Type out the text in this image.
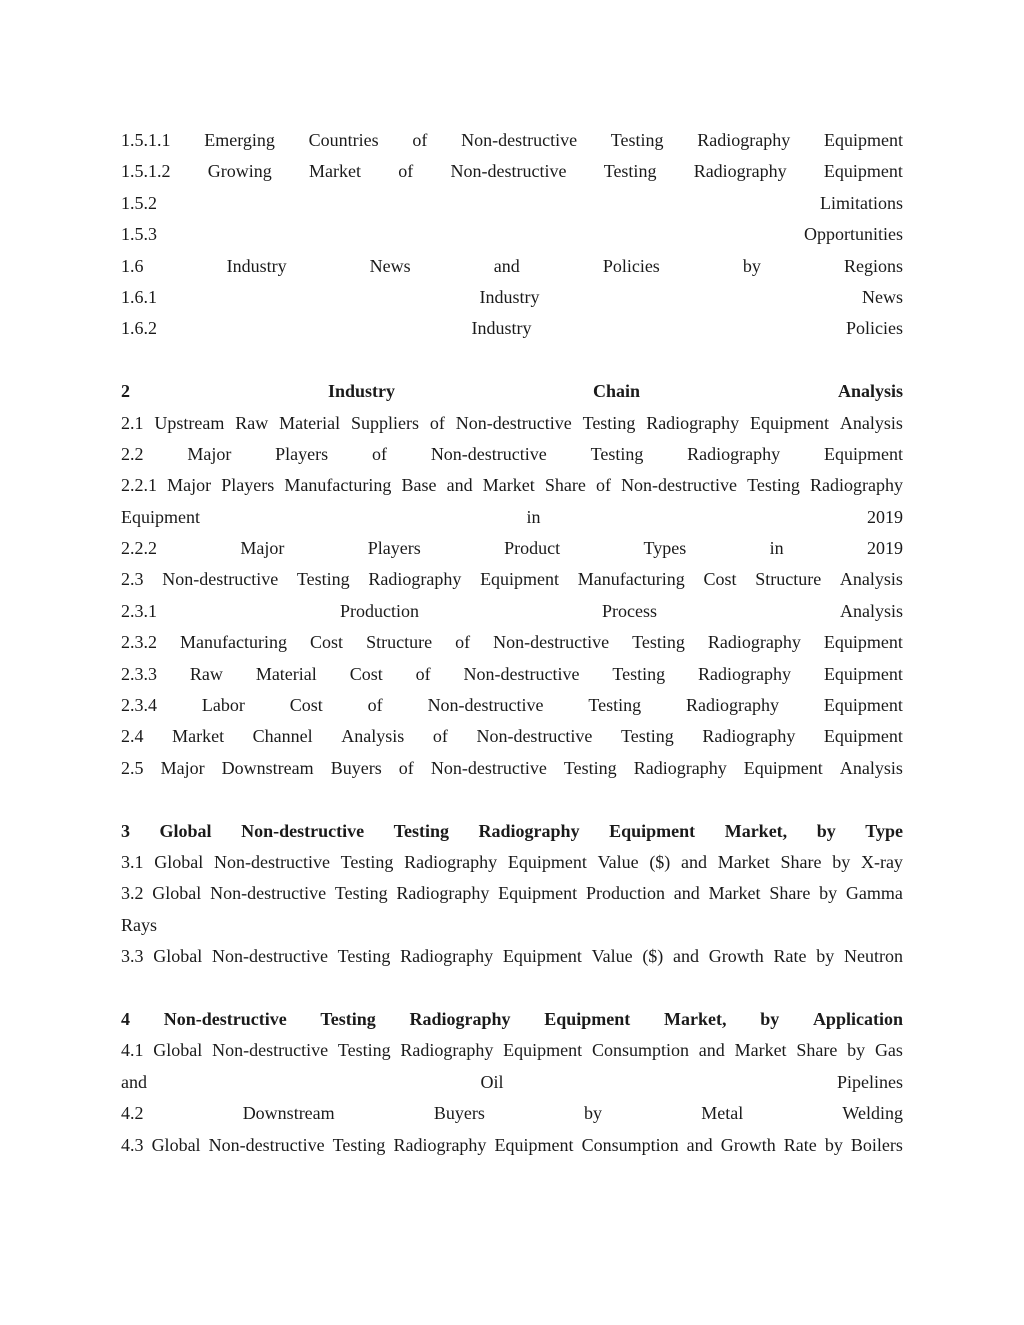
1.5.1.1 Emerging Countries of Non-destructive Testing Radiography Equipment
1.5.1.2 Growing Market of Non-destructive Testing Radiography Equipment
1.5.2	Limitations
1.5.3	Opportunities
1.6	Industry	News	and	Policies	by	Regions
1.6.1	Industry	News
1.6.2	Industry	Policies
2	Industry	Chain	Analysis
2.1 Upstream Raw Material Suppliers of Non-destructive Testing Radiography Equipment Analysis
2.2 Major Players of Non-destructive Testing Radiography Equipment
2.2.1 Major Players Manufacturing Base and Market Share of Non-destructive Testing Radiography
Equipment	in	2019
2.2.2	Major	Players	Product	Types	in	2019
2.3 Non-destructive Testing Radiography Equipment Manufacturing Cost Structure Analysis
2.3.1	Production	Process	Analysis
2.3.2 Manufacturing Cost Structure of Non-destructive Testing Radiography Equipment
2.3.3 Raw Material Cost of Non-destructive Testing Radiography Equipment
2.3.4 Labor Cost of Non-destructive Testing Radiography Equipment
2.4 Market Channel Analysis of Non-destructive Testing Radiography Equipment
2.5 Major Downstream Buyers of Non-destructive Testing Radiography Equipment Analysis
3 Global Non-destructive Testing Radiography Equipment Market, by Type
3.1 Global Non-destructive Testing Radiography Equipment Value ($) and Market Share by X-ray
3.2 Global Non-destructive Testing Radiography Equipment Production and Market Share by Gamma
Rays
3.3 Global Non-destructive Testing Radiography Equipment Value ($) and Growth Rate by Neutron
4 Non-destructive Testing Radiography Equipment Market, by Application
4.1 Global Non-destructive Testing Radiography Equipment Consumption and Market Share by Gas
and	Oil	Pipelines
4.2	Downstream	Buyers	by	Metal	Welding
4.3 Global Non-destructive Testing Radiography Equipment Consumption and Growth Rate by Boilers
